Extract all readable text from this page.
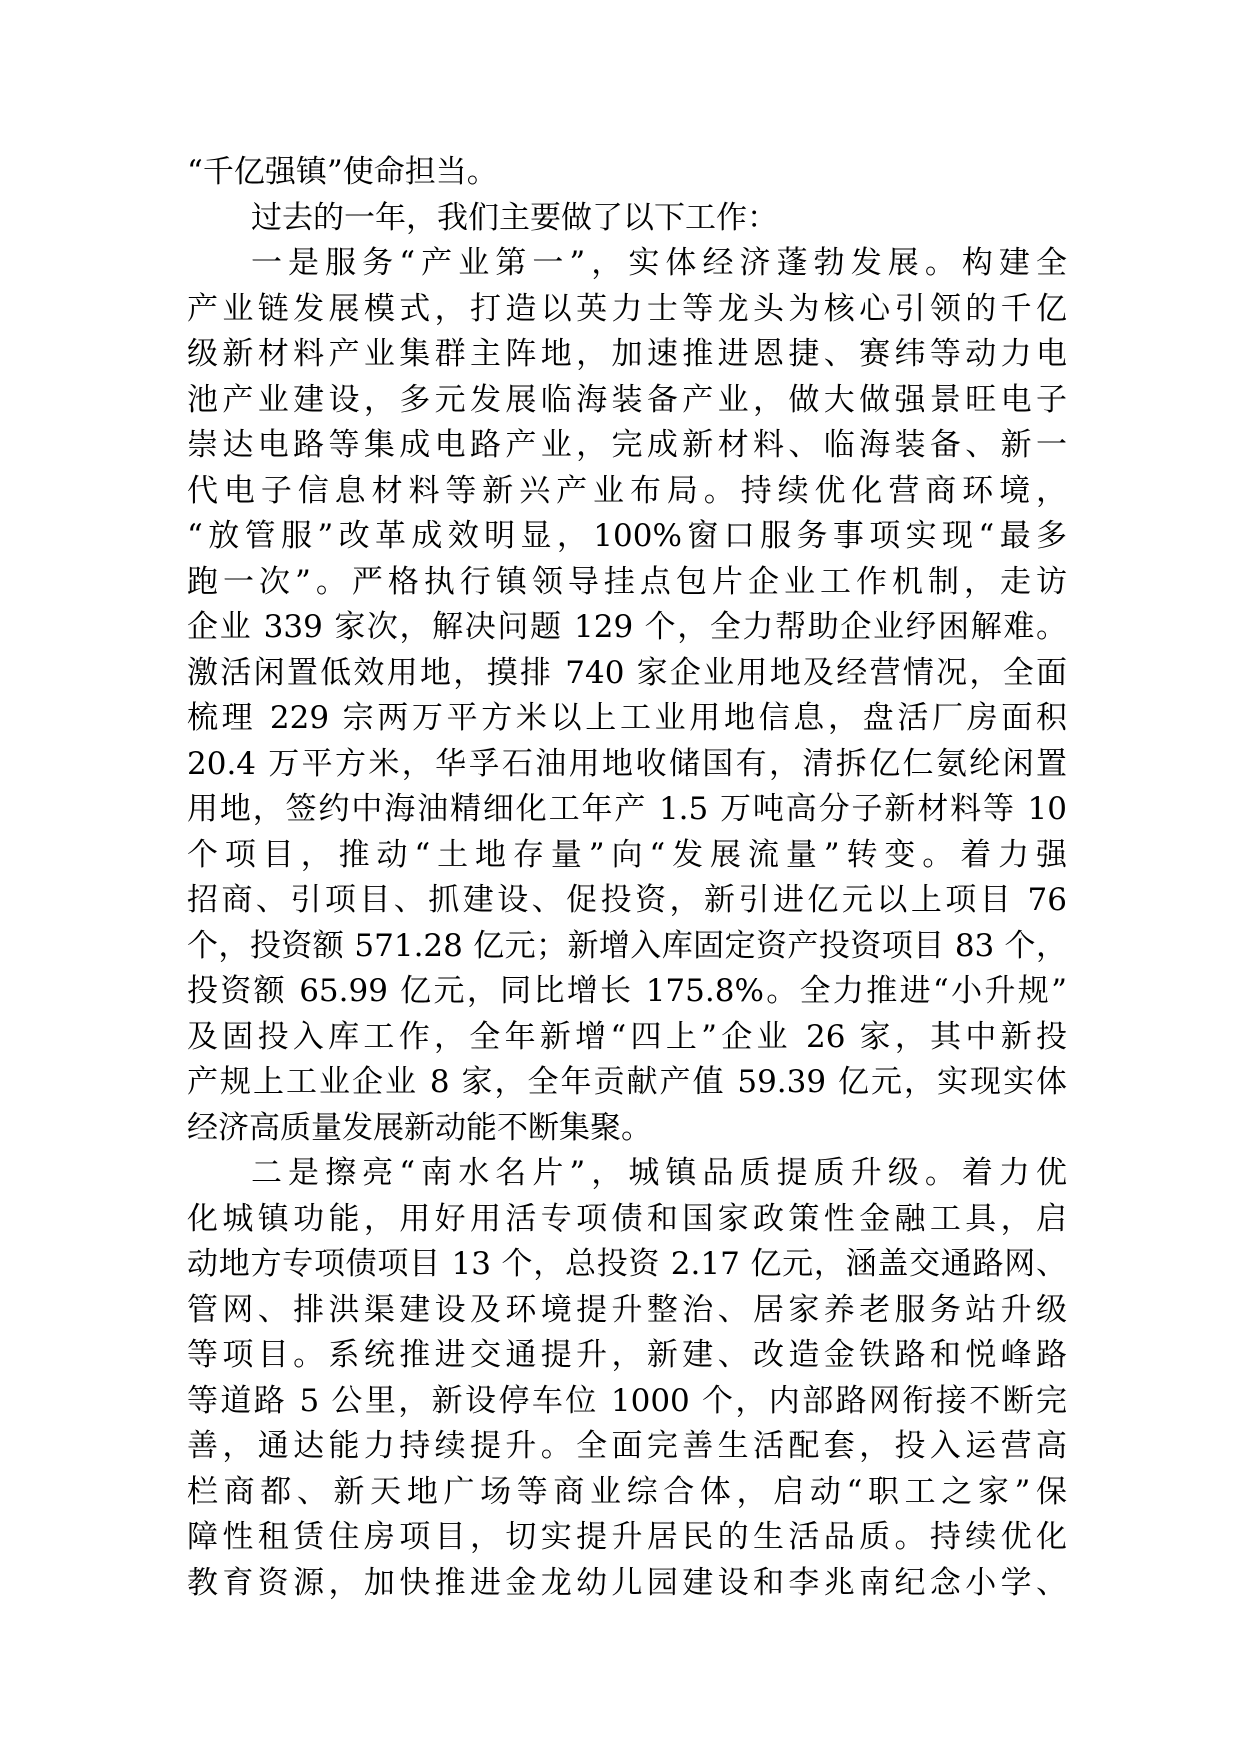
“千亿强镇”使命担当。
过去的一年，我们主要做了以下工作：
一是服务“产业第一”，实体经济蓬勃发展。构建全
产业链发展模式，打造以英力士等龙头为核心引领的千亿
级新材料产业集群主阵地，加速推进恩捷、赛纬等动力电
池产业建设，多元发展临海装备产业，做大做强景旺电子
崇达电路等集成电路产业，完成新材料、临海装备、新一
代电子信息材料等新兴产业布局。持续优化营商环境，
“放管服”改革成效明显，100%窗口服务事项实现“最多
跑一次”。严格执行镇领导挂点包片企业工作机制，走访
企业 339 家次，解决问题 129 个，全力帮助企业纾困解难。
激活闲置低效用地，摸排 740 家企业用地及经营情况，全面
梳理 229 宗两万平方米以上工业用地信息，盘活厂房面积
20.4 万平方米，华孚石油用地收储国有，清拆亿仁氨纶闲置
用地，签约中海油精细化工年产 1.5 万吨高分子新材料等 10
个项目，推动“土地存量”向“发展流量”转变。着力强
招商、引项目、抓建设、促投资，新引进亿元以上项目 76
个，投资额 571.28 亿元；新增入库固定资产投资项目 83 个，
投资额 65.99 亿元，同比增长 175.8%。全力推进“小升规”
及固投入库工作，全年新增“四上”企业 26 家，其中新投
产规上工业企业 8 家，全年贡献产值 59.39 亿元，实现实体
经济高质量发展新动能不断集聚。
二是擦亮“南水名片”，城镇品质提质升级。着力优
化城镇功能，用好用活专项债和国家政策性金融工具，启
动地方专项债项目 13 个，总投资 2.17 亿元，涵盖交通路网、
管网、排洪渠建设及环境提升整治、居家养老服务站升级
等项目。系统推进交通提升，新建、改造金铁路和悦峰路
等道路 5 公里，新设停车位 1000 个，内部路网衔接不断完
善，通达能力持续提升。全面完善生活配套，投入运营高
栏商都、新天地广场等商业综合体，启动“职工之家”保
障性租赁住房项目，切实提升居民的生活品质。持续优化
教育资源，加快推进金龙幼儿园建设和李兆南纪念小学、
